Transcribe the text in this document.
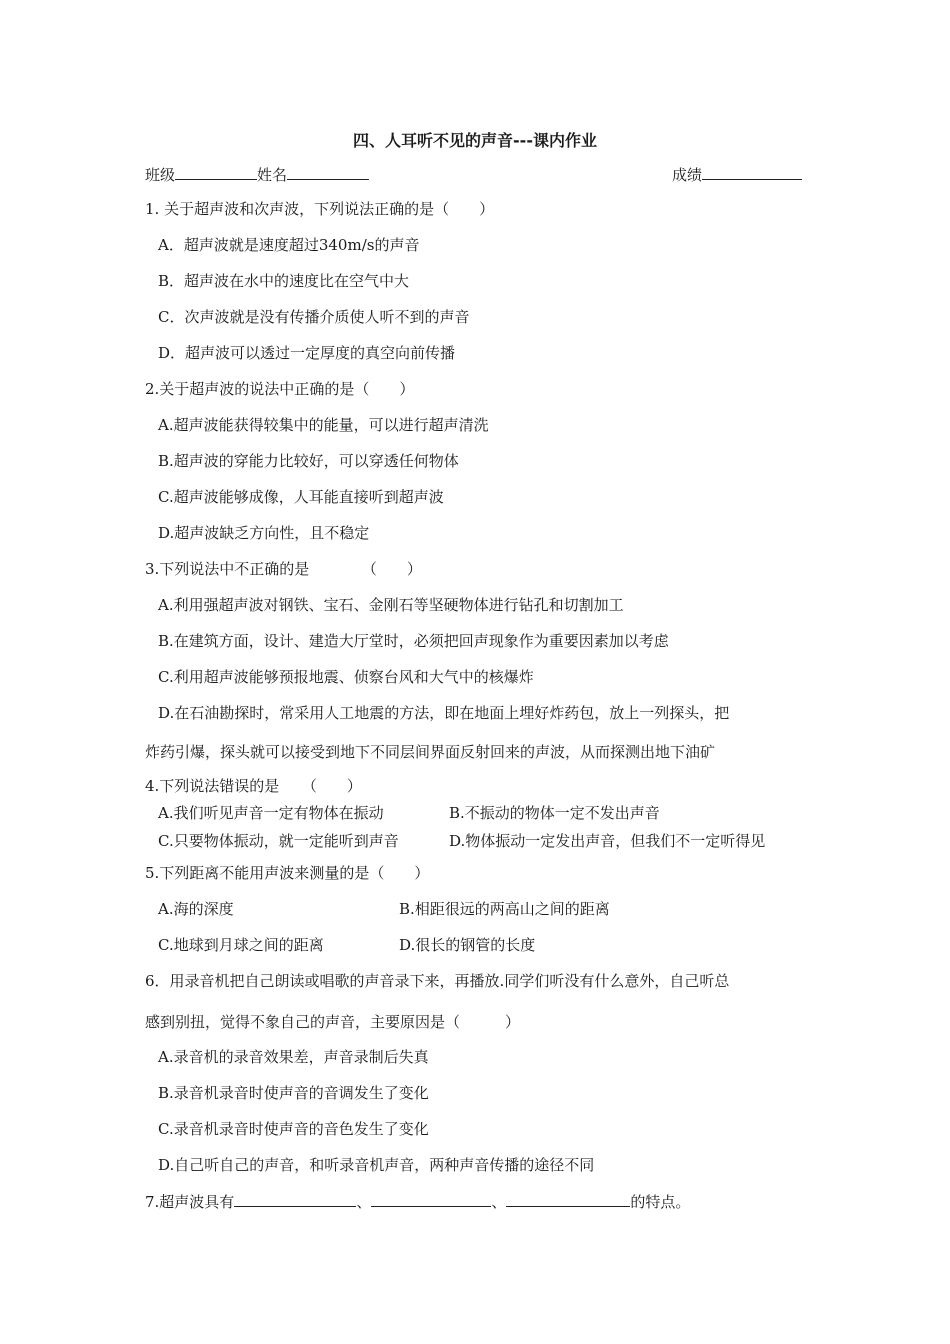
四、人耳听不见的声音---课内作业
班级	姓名	成绩
1. 关于超声波和次声波，下列说法正确的是（　　）
A．超声波就是速度超过340m/s的声音
B．超声波在水中的速度比在空气中大
C．次声波就是没有传播介质使人听不到的声音
D．超声波可以透过一定厚度的真空向前传播
2.关于超声波的说法中正确的是（　　）
A.超声波能获得较集中的能量，可以进行超声清洗
B.超声波的穿能力比较好，可以穿透任何物体
C.超声波能够成像，人耳能直接听到超声波
D.超声波缺乏方向性，且不稳定
3.下列说法中不正确的是　　　　（　　）
A.利用强超声波对钢铁、宝石、金刚石等坚硬物体进行钻孔和切割加工
B.在建筑方面，设计、建造大厅堂时，必须把回声现象作为重要因素加以考虑
C.利用超声波能够预报地震、侦察台风和大气中的核爆炸
D.在石油勘探时，常采用人工地震的方法，即在地面上埋好炸药包，放上一列探头，把
炸药引爆，探头就可以接受到地下不同层间界面反射回来的声波，从而探测出地下油矿
4.下列说法错误的是　　（　　）
A.我们听见声音一定有物体在振动	B.不振动的物体一定不发出声音
C.只要物体振动，就一定能听到声音	D.物体振动一定发出声音，但我们不一定听得见
5.下列距离不能用声波来测量的是（　　）
A.海的深度	B.相距很远的两高山之间的距离
C.地球到月球之间的距离	D.很长的钢管的长度
6．用录音机把自己朗读或唱歌的声音录下来，再播放.同学们听没有什么意外，自己听总
感到别扭，觉得不象自己的声音，主要原因是（　　　）
A.录音机的录音效果差，声音录制后失真
B.录音机录音时使声音的音调发生了变化
C.录音机录音时使声音的音色发生了变化
D.自己听自己的声音，和听录音机声音，两种声音传播的途径不同
7.超声波具有	、	、	的特点。
